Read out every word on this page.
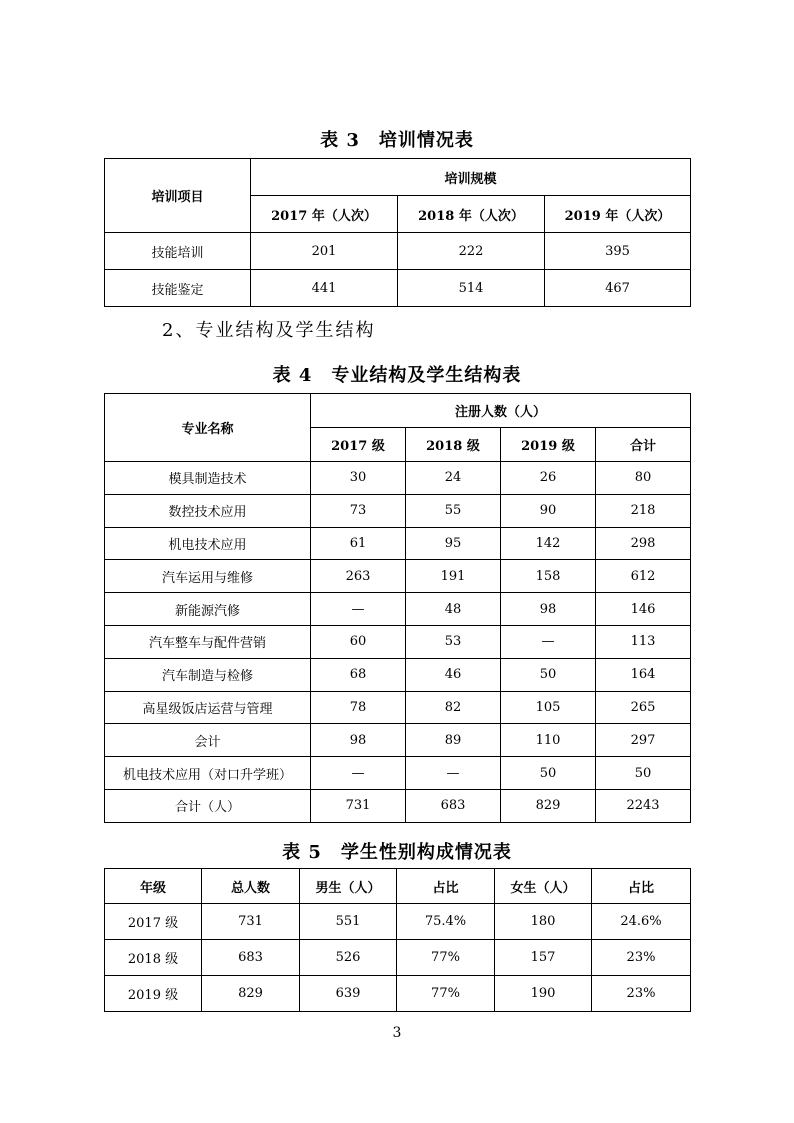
表 3　培训情况表
培训项目	培训规模		
	2017 年（人次）	2018 年（人次）	2019 年（人次）
技能培训	201	222	395
技能鉴定	441	514	467
2、专业结构及学生结构
表 4　专业结构及学生结构表
专业名称	注册人数（人）			
	2017 级	2018 级	2019 级	合计
模具制造技术	30	24	26	80
数控技术应用	73	55	90	218
机电技术应用	61	95	142	298
汽车运用与维修	263	191	158	612
新能源汽修	—	48	98	146
汽车整车与配件营销	60	53	—	113
汽车制造与检修	68	46	50	164
高星级饭店运营与管理	78	82	105	265
会计	98	89	110	297
机电技术应用（对口升学班）	—	—	50	50
合计（人）	731	683	829	2243
表 5　学生性别构成情况表
年级	总人数	男生（人）	占比	女生（人）	占比
2017 级	731	551	75.4%	180	24.6%
2018 级	683	526	77%	157	23%
2019 级	829	639	77%	190	23%
3
